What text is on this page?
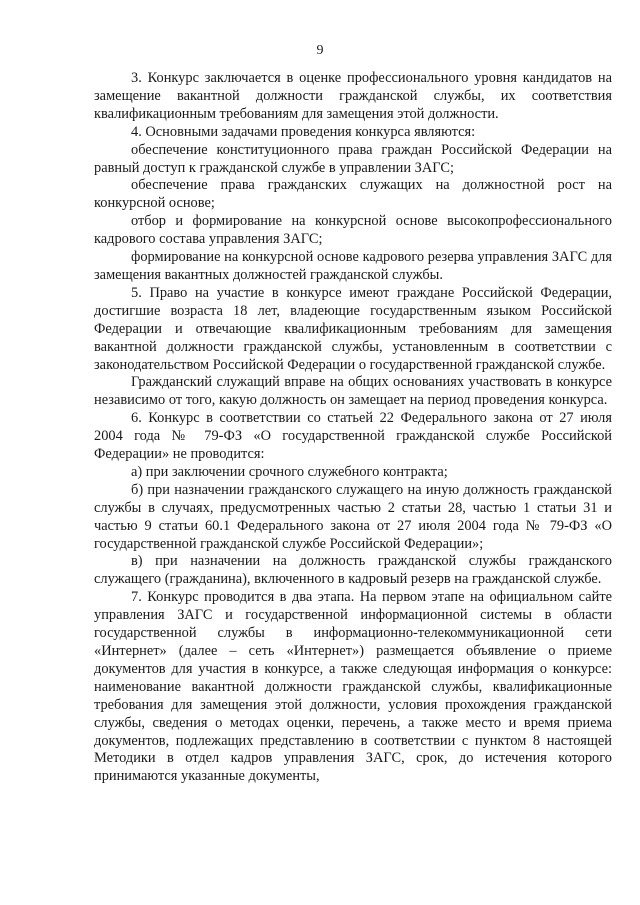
9

3. Конкурс заключается в оценке профессионального уровня кандидатов на замещение вакантной должности гражданской службы, их соответствия квалификационным требованиям для замещения этой должности.

4. Основными задачами проведения конкурса являются:

обеспечение конституционного права граждан Российской Федерации на равный доступ к гражданской службе в управлении ЗАГС;

обеспечение права гражданских служащих на должностной рост на конкурсной основе;

отбор и формирование на конкурсной основе высокопрофессионального кадрового состава управления ЗАГС;

формирование на конкурсной основе кадрового резерва управления ЗАГС для замещения вакантных должностей гражданской службы.

5. Право на участие в конкурсе имеют граждане Российской Федерации, достигшие возраста 18 лет, владеющие государственным языком Российской Федерации и отвечающие квалификационным требованиям для замещения вакантной должности гражданской службы, установленным в соответствии с законодательством Российской Федерации о государственной гражданской службе.

Гражданский служащий вправе на общих основаниях участвовать в конкурсе независимо от того, какую должность он замещает на период проведения конкурса.

6. Конкурс в соответствии со статьей 22 Федерального закона от 27 июля 2004 года № 79-ФЗ «О государственной гражданской службе Российской Федерации» не проводится:

а) при заключении срочного служебного контракта;

б) при назначении гражданского служащего на иную должность гражданской службы в случаях, предусмотренных частью 2 статьи 28, частью 1 статьи 31 и частью 9 статьи 60.1 Федерального закона от 27 июля 2004 года № 79-ФЗ «О государственной гражданской службе Российской Федерации»;

в) при назначении на должность гражданской службы гражданского служащего (гражданина), включенного в кадровый резерв на гражданской службе.

7. Конкурс проводится в два этапа. На первом этапе на официальном сайте управления ЗАГС и государственной информационной системы в области государственной службы в информационно-телекоммуникационной сети «Интернет» (далее – сеть «Интернет») размещается объявление о приеме документов для участия в конкурсе, а также следующая информация о конкурсе: наименование вакантной должности гражданской службы, квалификационные требования для замещения этой должности, условия прохождения гражданской службы, сведения о методах оценки, перечень, а также место и время приема документов, подлежащих представлению в соответствии с пунктом 8 настоящей Методики в отдел кадров управления ЗАГС, срок, до истечения которого принимаются указанные документы,
